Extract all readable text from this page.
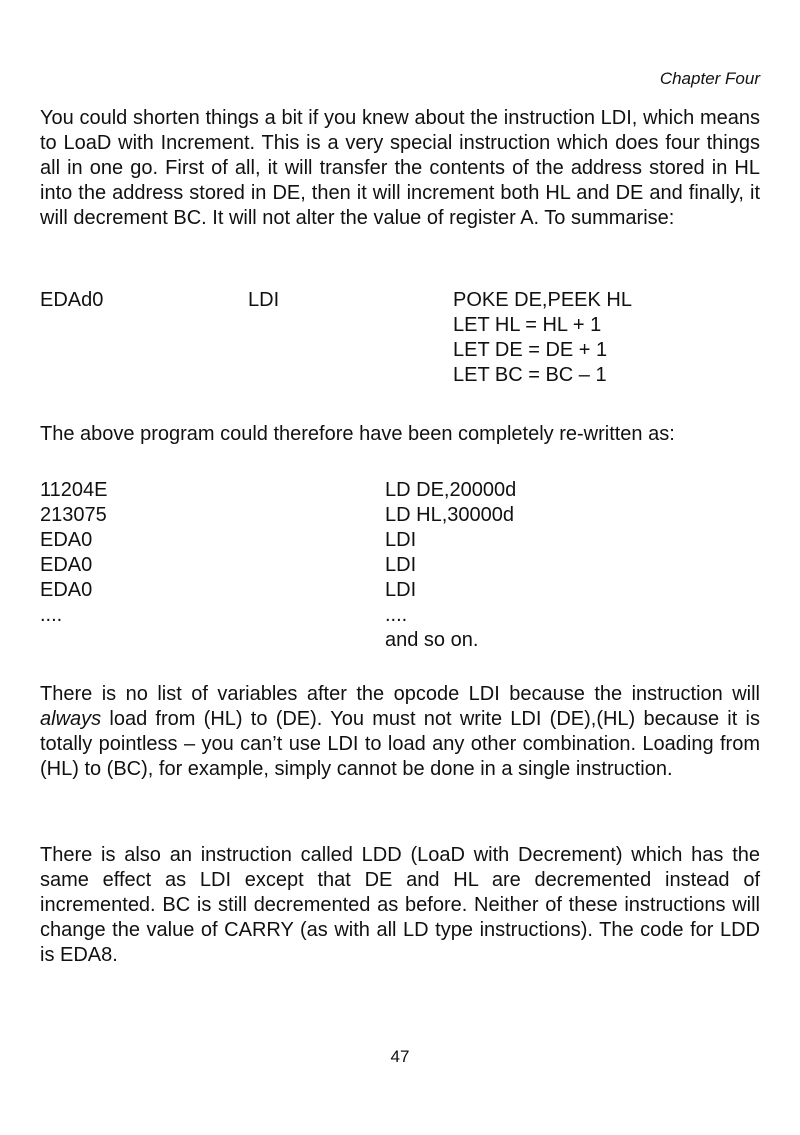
Chapter Four

You could shorten things a bit if you knew about the instruction LDI, which means to LoaD with Increment. This is a very special instruction which does four things all in one go. First of all, it will transfer the contents of the address stored in HL into the address stored in DE, then it will increment both HL and DE and finally, it will decrement BC. It will not alter the value of register A. To summarise:

EDAd0	LDI	POKE DE,PEEK HL
LET HL = HL + 1
LET DE = DE + 1
LET BC = BC – 1

The above program could therefore have been completely re-written as:

11204E	LD DE,20000d
213075	LD HL,30000d
EDA0	LDI
EDA0	LDI
EDA0	LDI
....	....
and so on.

There is no list of variables after the opcode LDI because the instruction will always load from (HL) to (DE). You must not write LDI (DE),(HL) because it is totally pointless – you can’t use LDI to load any other combination. Loading from (HL) to (BC), for example, simply cannot be done in a single instruction.

There is also an instruction called LDD (LoaD with Decrement) which has the same effect as LDI except that DE and HL are decremented instead of incremented. BC is still decremented as before. Neither of these instructions will change the value of CARRY (as with all LD type instructions). The code for LDD is EDA8.

47
